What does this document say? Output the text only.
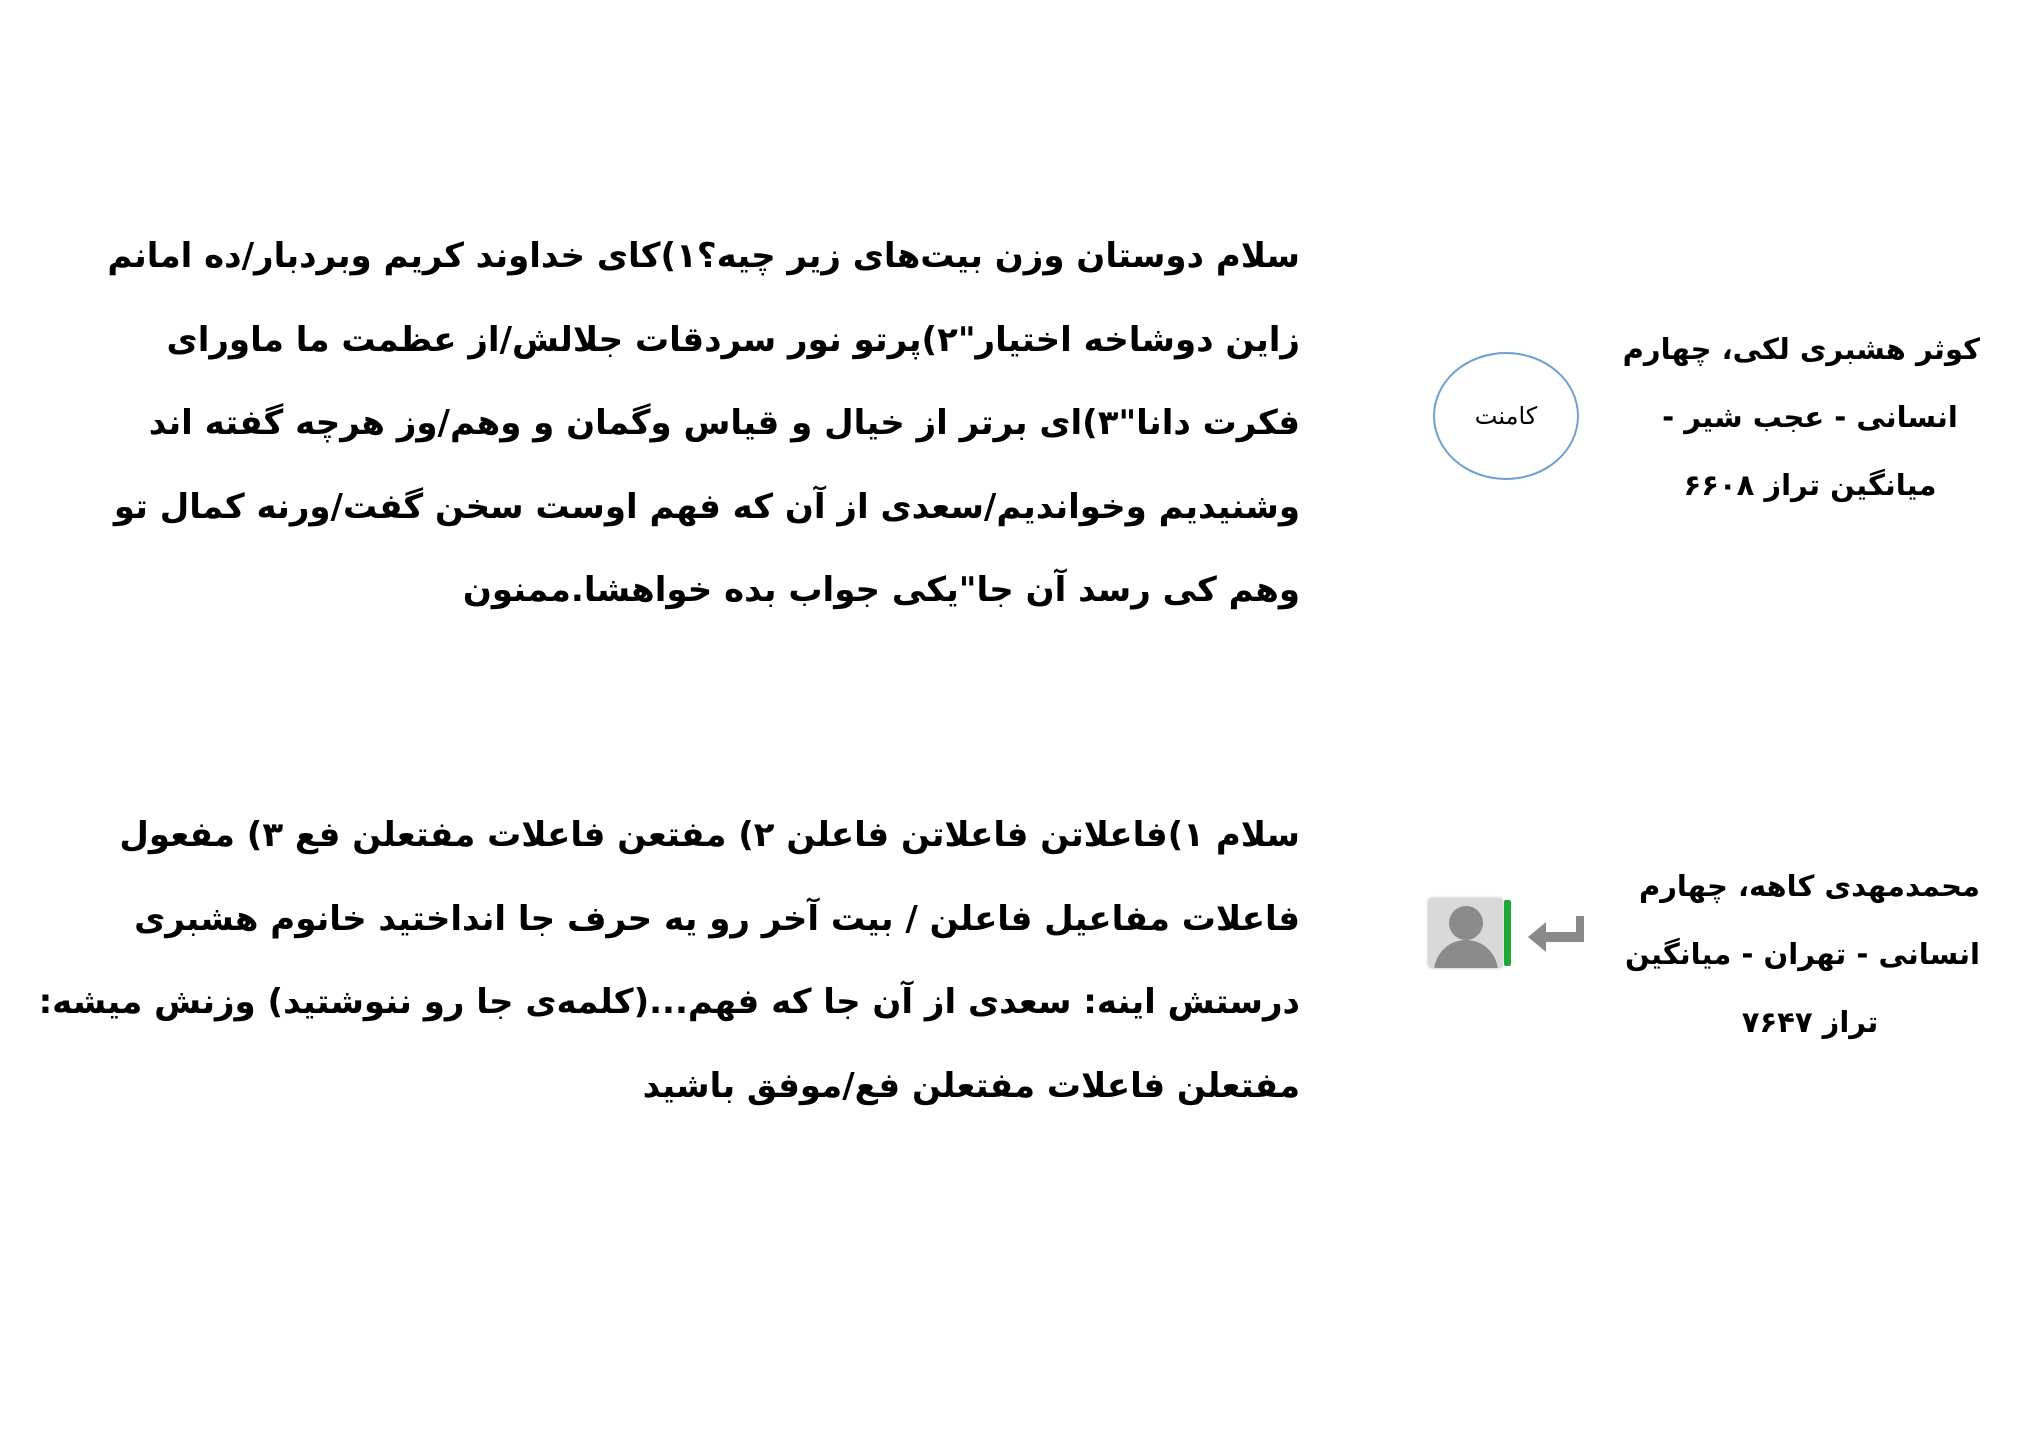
کوثر هشبری لکی، چهارم
انسانی - عجب شیر -
میانگین تراز ۶۶۰۸
کامنت
سلام دوستان وزن بیت‌های زیر چیه؟۱)کای خداوند کریم وبردبار/ده امانم
زاین دوشاخه اختیار"۲)پرتو نور سردقات جلالش/از عظمت ما ماورای
فکرت دانا"۳)ای برتر از خیال و قیاس وگمان و وهم/وز هرچه گفته اند
وشنیدیم وخواندیم/سعدی از آن که فهم اوست سخن گفت/ورنه کمال تو
وهم کی رسد آن جا"یکی جواب بده خواهشا.ممنون
محمدمهدی کاهه، چهارم
انسانی - تهران - میانگین
تراز ۷۶۴۷
سلام ۱)فاعلاتن فاعلاتن فاعلن ۲) مفتعن فاعلات مفتعلن فع ۳) مفعول
فاعلات مفاعیل فاعلن / بیت آخر رو یه حرف جا انداختید خانوم هشبری
درستش اینه: سعدی از آن جا که فهم...(کلمه‌ی جا رو ننوشتید) وزنش میشه:
مفتعلن فاعلات مفتعلن فع/موفق باشید
